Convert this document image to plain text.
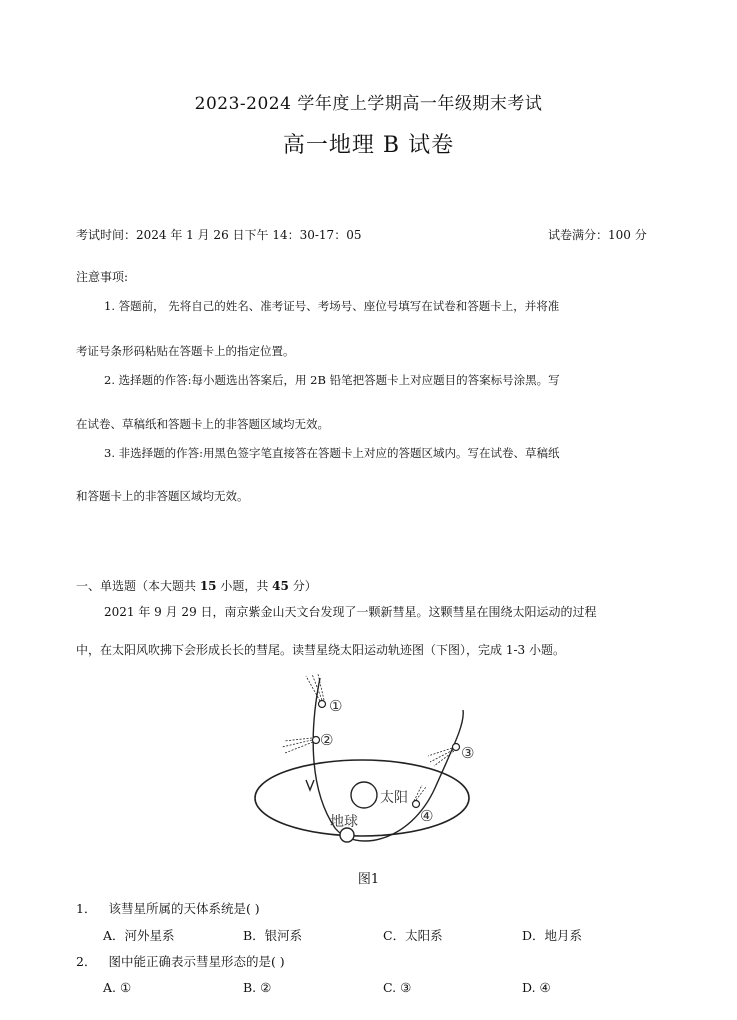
2023-2024 学年度上学期高一年级期末考试
高一地理 B 试卷
考试时间：2024 年 1 月 26 日下午 14：30-17：05	试卷满分：100 分
注意事项:
1. 答题前， 先将自己的姓名、准考证号、考场号、座位号填写在试卷和答题卡上，并将准
考证号条形码粘贴在答题卡上的指定位置。
2. 选择题的作答:每小题选出答案后，用 2B 铅笔把答题卡上对应题目的答案标号涂黑。写
在试卷、草稿纸和答题卡上的非答题区域均无效。
3. 非选择题的作答:用黑色签字笔直接答在答题卡上对应的答题区域内。写在试卷、草稿纸
和答题卡上的非答题区域均无效。
一、单选题（本大题共 15 小题，共 45 分）
2021 年 9 月 29 日，南京紫金山天文台发现了一颗新彗星。这颗彗星在围绕太阳运动的过程
中，在太阳风吹拂下会形成长长的彗尾。读彗星绕太阳运动轨迹图（下图），完成 1-3 小题。
太阳
地球
①
②
③
④
图1
1． 该彗星所属的天体系统是( )
A．河外星系	B．银河系	C．太阳系	D．地月系
2． 图中能正确表示彗星形态的是( )
A. ①	B. ②	C. ③	D. ④
